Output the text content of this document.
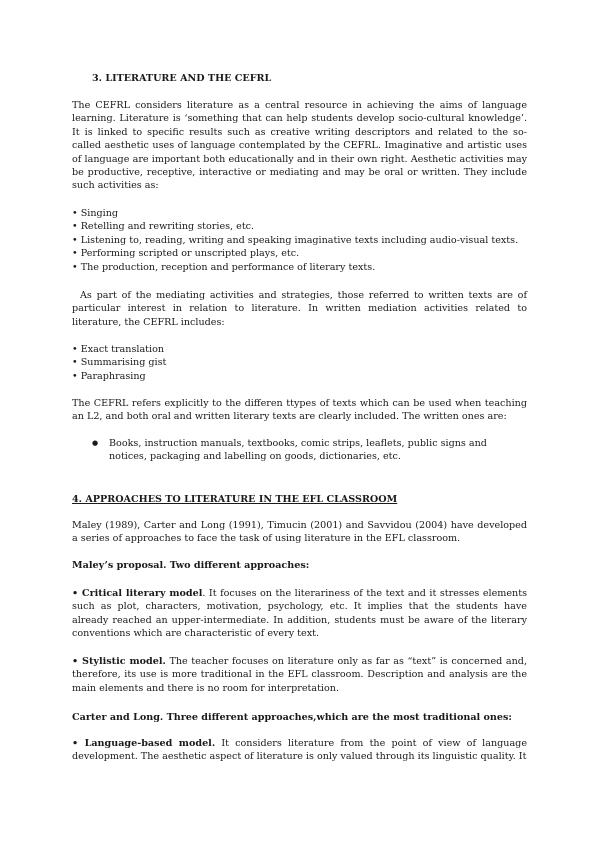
3. LITERATURE AND THE CEFRL

The CEFRL considers literature as a central resource in achieving the aims of language learning. Literature is ‘something that can help students develop socio-cultural knowledge’. It is linked to specific results such as creative writing descriptors and related to the so-called aesthetic uses of language contemplated by the CEFRL. Imaginative and artistic uses of language are important both educationally and in their own right. Aesthetic activities may be productive, receptive, interactive or mediating and may be oral or written. They include such activities as:

• Singing
• Retelling and rewriting stories, etc.
• Listening to, reading, writing and speaking imaginative texts including audio-visual texts.
• Performing scripted or unscripted plays, etc.
• The production, reception and performance of literary texts.

As part of the mediating activities and strategies, those referred to written texts are of particular interest in relation to literature. In written mediation activities related to literature, the CEFRL includes:

• Exact translation
• Summarising gist
• Paraphrasing

The CEFRL refers explicitly to the differen ttypes of texts which can be used when teaching an L2, and both oral and written literary texts are clearly included. The written ones are:

● Books, instruction manuals, textbooks, comic strips, leaflets, public signs and notices, packaging and labelling on goods, dictionaries, etc.

4. APPROACHES TO LITERATURE IN THE EFL CLASSROOM

Maley (1989), Carter and Long (1991), Timucin (2001) and Savvidou (2004) have developed a series of approaches to face the task of using literature in the EFL classroom.

Maley’s proposal. Two different approaches:

• Critical literary model. It focuses on the literariness of the text and it stresses elements such as plot, characters, motivation, psychology, etc. It implies that the students have already reached an upper-intermediate. In addition, students must be aware of the literary conventions which are characteristic of every text.

• Stylistic model. The teacher focuses on literature only as far as “text” is concerned and, therefore, its use is more traditional in the EFL classroom. Description and analysis are the main elements and there is no room for interpretation.

Carter and Long. Three different approaches,which are the most traditional ones:

• Language-based model. It considers literature from the point of view of language development. The aesthetic aspect of literature is only valued through its linguistic quality. It
